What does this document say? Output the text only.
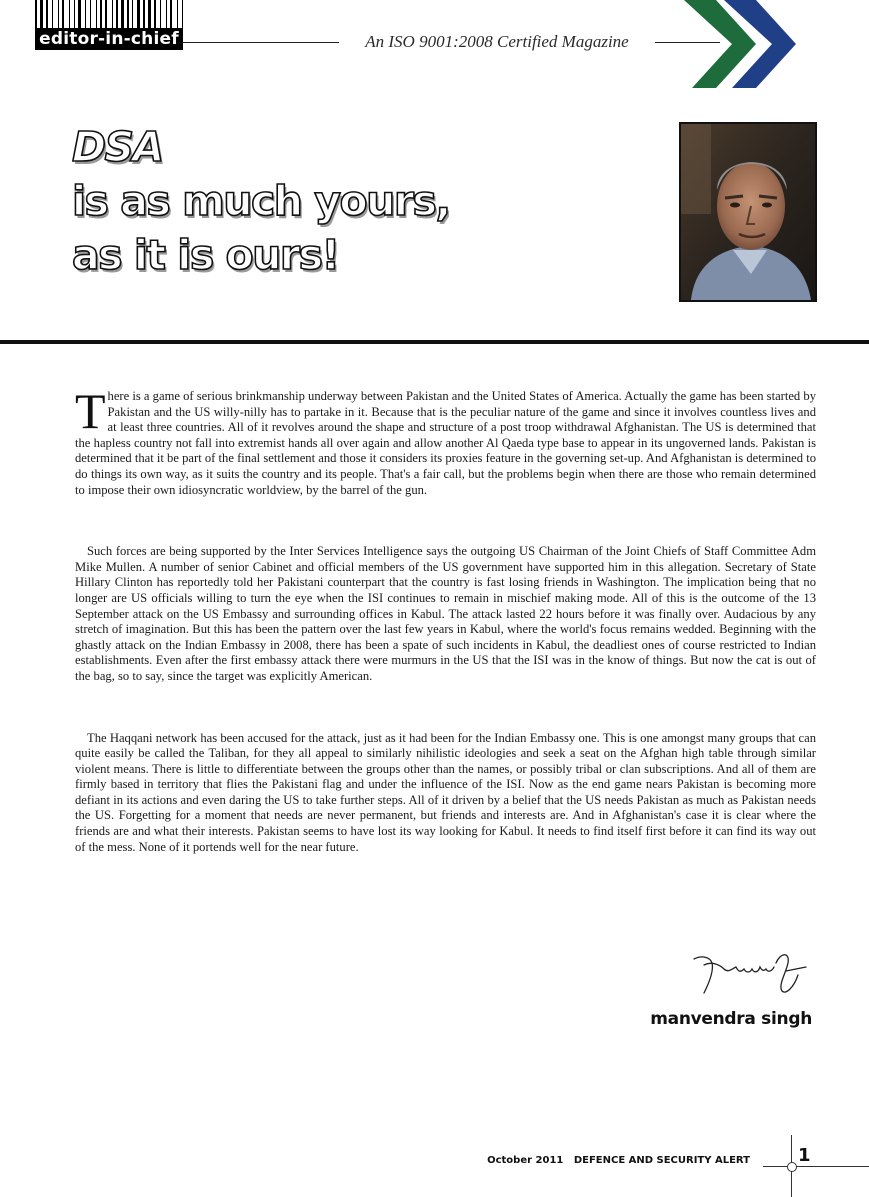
editor-in-chief	An ISO 9001:2008 Certified Magazine
DSA
is as much yours,
as it is ours!

There is a game of serious brinkmanship underway between Pakistan and the United States of America. Actually the game has been started by Pakistan and the US willy-nilly has to partake in it. Because that is the peculiar nature of the game and since it involves countless lives and at least three countries. All of it revolves around the shape and structure of a post troop withdrawal Afghanistan. The US is determined that the hapless country not fall into extremist hands all over again and allow another Al Qaeda type base to appear in its ungoverned lands. Pakistan is determined that it be part of the final settlement and those it considers its proxies feature in the governing set-up. And Afghanistan is determined to do things its own way, as it suits the country and its people. That's a fair call, but the problems begin when there are those who remain determined to impose their own idiosyncratic worldview, by the barrel of the gun.

Such forces are being supported by the Inter Services Intelligence says the outgoing US Chairman of the Joint Chiefs of Staff Committee Adm Mike Mullen. A number of senior Cabinet and official members of the US government have supported him in this allegation. Secretary of State Hillary Clinton has reportedly told her Pakistani counterpart that the country is fast losing friends in Washington. The implication being that no longer are US officials willing to turn the eye when the ISI continues to remain in mischief making mode. All of this is the outcome of the 13 September attack on the US Embassy and surrounding offices in Kabul. The attack lasted 22 hours before it was finally over. Audacious by any stretch of imagination. But this has been the pattern over the last few years in Kabul, where the world's focus remains wedded. Beginning with the ghastly attack on the Indian Embassy in 2008, there has been a spate of such incidents in Kabul, the deadliest ones of course restricted to Indian establishments. Even after the first embassy attack there were murmurs in the US that the ISI was in the know of things. But now the cat is out of the bag, so to say, since the target was explicitly American.

The Haqqani network has been accused for the attack, just as it had been for the Indian Embassy one. This is one amongst many groups that can quite easily be called the Taliban, for they all appeal to similarly nihilistic ideologies and seek a seat on the Afghan high table through similar violent means. There is little to differentiate between the groups other than the names, or possibly tribal or clan subscriptions. And all of them are firmly based in territory that flies the Pakistani flag and under the influence of the ISI. Now as the end game nears Pakistan is becoming more defiant in its actions and even daring the US to take further steps. All of it driven by a belief that the US needs Pakistan as much as Pakistan needs the US. Forgetting for a moment that needs are never permanent, but friends and interests are. And in Afghanistan's case it is clear where the friends are and what their interests. Pakistan seems to have lost its way looking for Kabul. It needs to find itself first before it can find its way out of the mess. None of it portends well for the near future.

manvendra singh
October 2011 DEFENCE AND SECURITY ALERT	1
